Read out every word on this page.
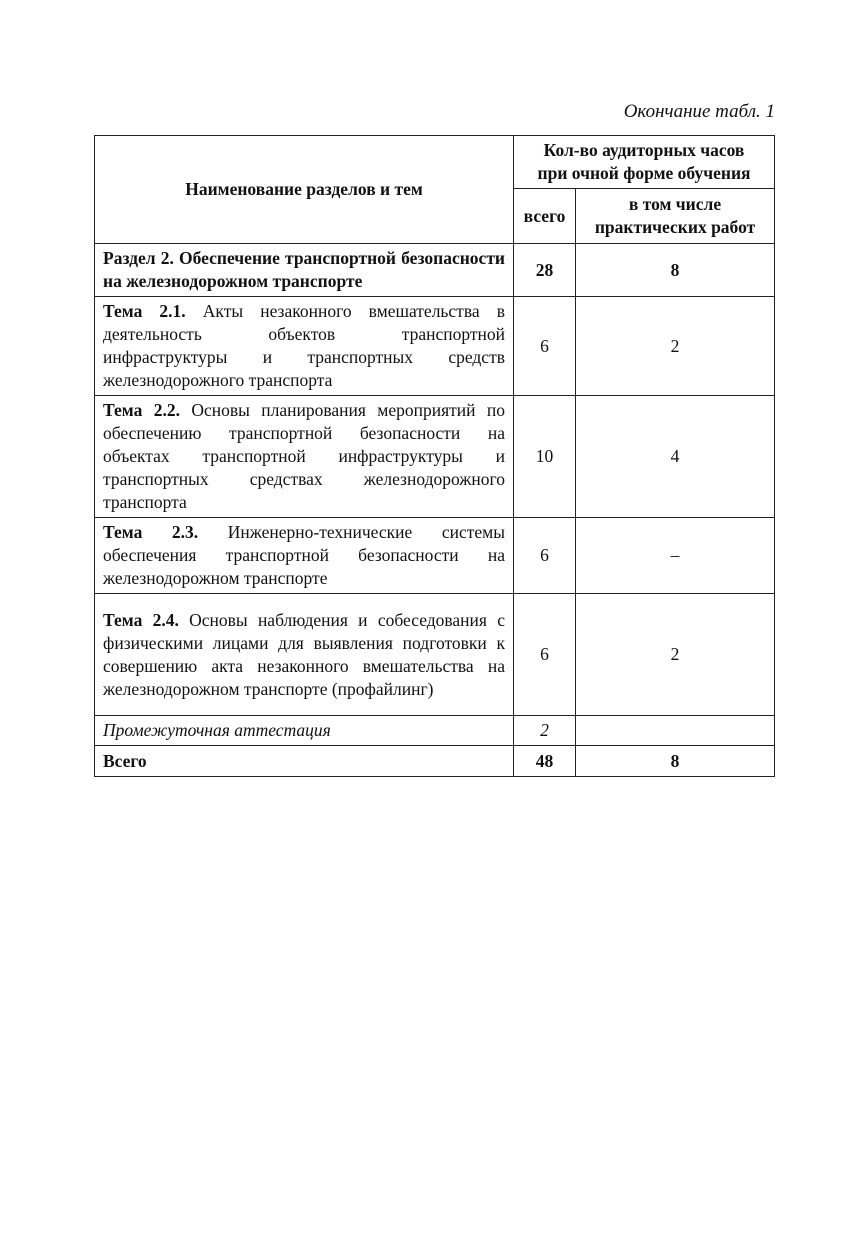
Окончание табл. 1
Наименование разделов и тем	Кол-во аудиторных часов при очной форме обучения	
	всего	в том числе практических работ
Раздел 2. Обеспечение транспортной безопасности на железнодорожном транспорте	28	8
Тема 2.1. Акты незаконного вмешательства в деятельность объектов транспортной инфраструктуры и транспортных средств железнодорожного транспорта	6	2
Тема 2.2. Основы планирования мероприятий по обеспечению транспортной безопасности на объектах транспортной инфраструктуры и транспортных средствах железнодорожного транспорта	10	4
Тема 2.3. Инженерно-технические системы обеспечения транспортной безопасности на железнодорожном транспорте	6	–
Тема 2.4. Основы наблюдения и собеседования с физическими лицами для выявления подготовки к совершению акта незаконного вмешательства на железнодорожном транспорте (профайлинг)	6	2
Промежуточная аттестация	2	
Всего	48	8
